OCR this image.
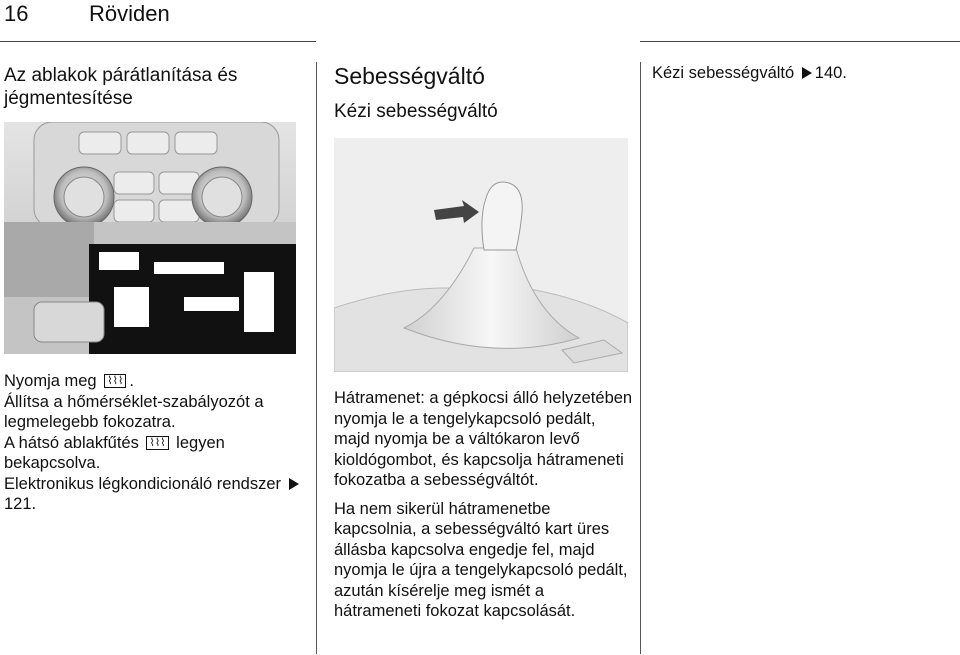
16	Röviden
Az ablakok párátlanítása és jégmentesítése

Nyomja meg ⌇⌇⌇ .

Állítsa a hőmérséklet-szabályozót a legmelegebb fokozatra.

A hátsó ablakfűtés ⌇⌇⌇ legyen bekapcsolva.

Elektronikus légkondicionáló rendszer 121.

Sebességváltó
Kézi sebességváltó

Hátramenet: a gépkocsi álló helyzetében nyomja le a tengelykapcsoló pedált, majd nyomja be a váltókaron levő kioldógombot, és kapcsolja hátrameneti fokozatba a sebességváltót.

Ha nem sikerül hátramenetbe kapcsolnia, a sebességváltó kart üres állásba kapcsolva engedje fel, majd nyomja le újra a tengelykapcsoló pedált, azután kísérelje meg ismét a hátrameneti fokozat kapcsolását.

Kézi sebességváltó 140.
